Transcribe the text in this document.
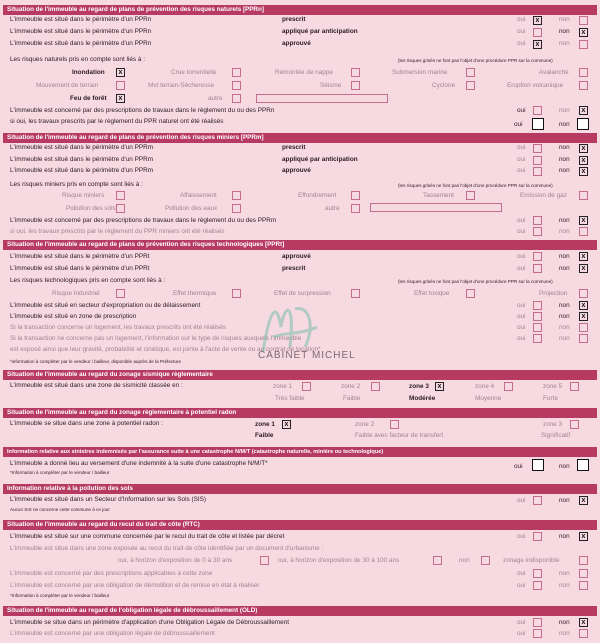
Situation de l'immeuble au regard de plans de prévention des risques naturels [PPRn]
L'immeuble est situé dans le périmètre d'un PPRn	prescrit	oui	x	non
L'immeuble est situé dans le périmètre d'un PPRn	appliqué par anticipation	oui	non	x
L'immeuble est situé dans le périmètre d'un PPRn	approuvé	oui	x	non
Les risques naturels pris en compte sont liés à :	(les risques grisés ne font pas l'objet d'une procédure PPR sur la commune)
Inondation	x	Crue torrentielle	Remontée de nappe	Submersion marine	Avalanche
Mouvement de terrain	Mvt terrain-Sécheresse	Séisme	Cyclone	Eruption volcanique
Feu de forêt	x	autre
L'immeuble est concerné par des prescriptions de travaux dans le règlement du ou des PPRn	oui	non	x
si oui, les travaux prescrits par le règlement du PPR naturel ont été réalisés	oui	non
Situation de l'immeuble au regard de plans de prévention des risques miniers [PPRm]
L'immeuble est situé dans le périmètre d'un PPRm	prescrit	oui	non	x
L'immeuble est situé dans le périmètre d'un PPRm	appliqué par anticipation	oui	non	x
L'immeuble est situé dans le périmètre d'un PPRm	approuvé	oui	non	x
Les risques miniers pris en compte sont liés à :	(les risques grisés ne font pas l'objet d'une procédure PPR sur la commune)
Risque miniers	Affaissement	Effondrement	Tassement	Emission de gaz
Pollution des sols	Pollution des eaux	autre
L'immeuble est concerné par des prescriptions de travaux dans le règlement du ou des PPRm	oui	non	x
si oui, les travaux prescrits par le règlement du PPR miniers ont été réalisés	oui	non
Situation de l'immeuble au regard de plans de prévention des risques technologiques [PPRt]
L'immeuble est situé dans le périmètre d'un PPRt	approuvé	oui	non	x
L'immeuble est situé dans le périmètre d'un PPRt	prescrit	oui	non	x
Les risques technologiques pris en compte sont liés à :	(les risques grisés ne font pas l'objet d'une procédure PPR sur la commune)
Risque Industriel	Effet thermique	Effet de surpression	Effet toxique	Projection
L'immeuble est situé en secteur d'expropriation ou de délaissement	oui	non	x
L'immeuble est situé en zone de prescription	oui	non	x
Si la transaction concerne un logement, les travaux prescrits ont été réalisés	oui	non
Si la transaction ne concerne pas un logement, l'information sur le type de risques auxquels l'immeuble	oui	non
est exposé ainsi que leur gravité, probabilité et cinétique, est jointe à l'acte de vente ou au contrat de location*
*information à compléter par le vendeur / bailleur, disponible auprès de la Préfecture
CABINET MICHEL
Situation de l'immeuble au regard du zonage sismique règlementaire
L'immeuble est situé dans une zone de sismicité classée en :	zone 1	zone 2	zone 3	x	zone 4	zone 5
Très faible	Faible	Modérée	Moyenne	Forte
Situation de l'immeuble au regard du zonage règlementaire à potentiel radon
L'immeuble se situe dans une zone à potentiel radon :	zone 1	x	zone 2	zone 3
Faible	Faible avec facteur de transfert	Significatif
Information relative aux sinistres indemnisés par l'assurance suite à une catastrophe N/M/T (catastrophe naturelle, minière ou technologique)
L'immeuble a donné lieu au versement d'une indemnité à la suite d'une catastrophe N/M/T*
*Information à compléter par le vendeur / bailleur
oui	non
Information relative à la pollution des sols
L'immeuble est situé dans un Secteur d'Information sur les Sols (SIS)
Aucun SIS ne concerne cette commune à ce jour
oui	non	x
Situation de l'immeuble au regard du recul du trait de côte (RTC)
L'immeuble est situé sur une commune concernée par le recul du trait de côte et listée par décret	oui	non	x
L'immeuble est situé dans une zone exposée au recul du trait de côte identifiée par un document d'urbanisme :
oui, à horizon d'exposition de 0 à 30 ans	oui, à horizon d'exposition de 30 à 100 ans	non	zonage indisponible
L'immeuble est concerné par des prescriptions applicables à cette zone	oui	non
L'immeuble est concerné par une obligation de démolition et de remise en état à réaliser	oui	non
*Information à compléter par le vendeur / bailleur
Situation de l'immeuble au regard de l'obligation légale de débroussaillement (OLD)
L'immeuble se situe dans un périmètre d'application d'une Obligation Légale de Débroussaillement	oui	non	x
L'immeuble est concerné par une obligation légale de débroussaillement	oui	non
